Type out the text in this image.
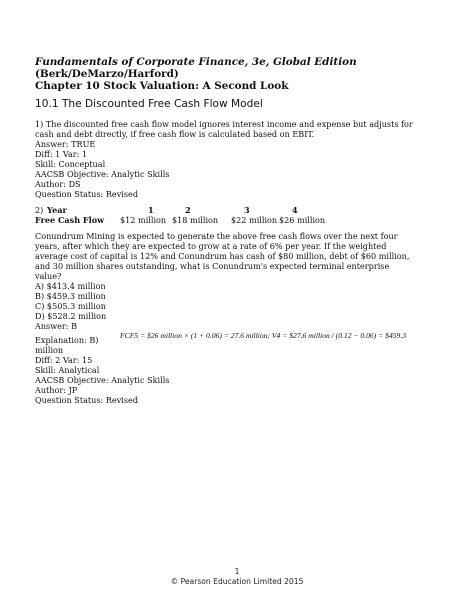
Fundamentals of Corporate Finance, 3e, Global Edition
(Berk/DeMarzo/Harford)
Chapter 10 Stock Valuation: A Second Look
10.1 The Discounted Free Cash Flow Model
1) The discounted free cash flow model ignores interest income and expense but adjusts for
cash and debt directly, if free cash flow is calculated based on EBIT.
Answer: TRUE
Diff: 1 Var: 1
Skill: Conceptual
AACSB Objective: Analytic Skills
Author: DS
Question Status: Revised
2) Year	1	2	3	4
Free Cash Flow $12 million $18 million $22 million $26 million
Conundrum Mining is expected to generate the above free cash flows over the next four
years, after which they are expected to grow at a rate of 6% per year. If the weighted
average cost of capital is 12% and Conundrum has cash of $80 million, debt of $60 million,
and 30 million shares outstanding, what is Conundrum's expected terminal enterprise
value?
A) $413.4 million
B) $459.3 million
C) $505.3 million
D) $528.2 million
Answer: B
Explanation: B)	FCF5 = $26 million × (1 + 0.06) = 27.6 million; V4 = $27.6 million / (0.12 − 0.06) = $459.3
million
Diff: 2 Var: 15
Skill: Analytical
AACSB Objective: Analytic Skills
Author: JP
Question Status: Revised
1
© Pearson Education Limited 2015
